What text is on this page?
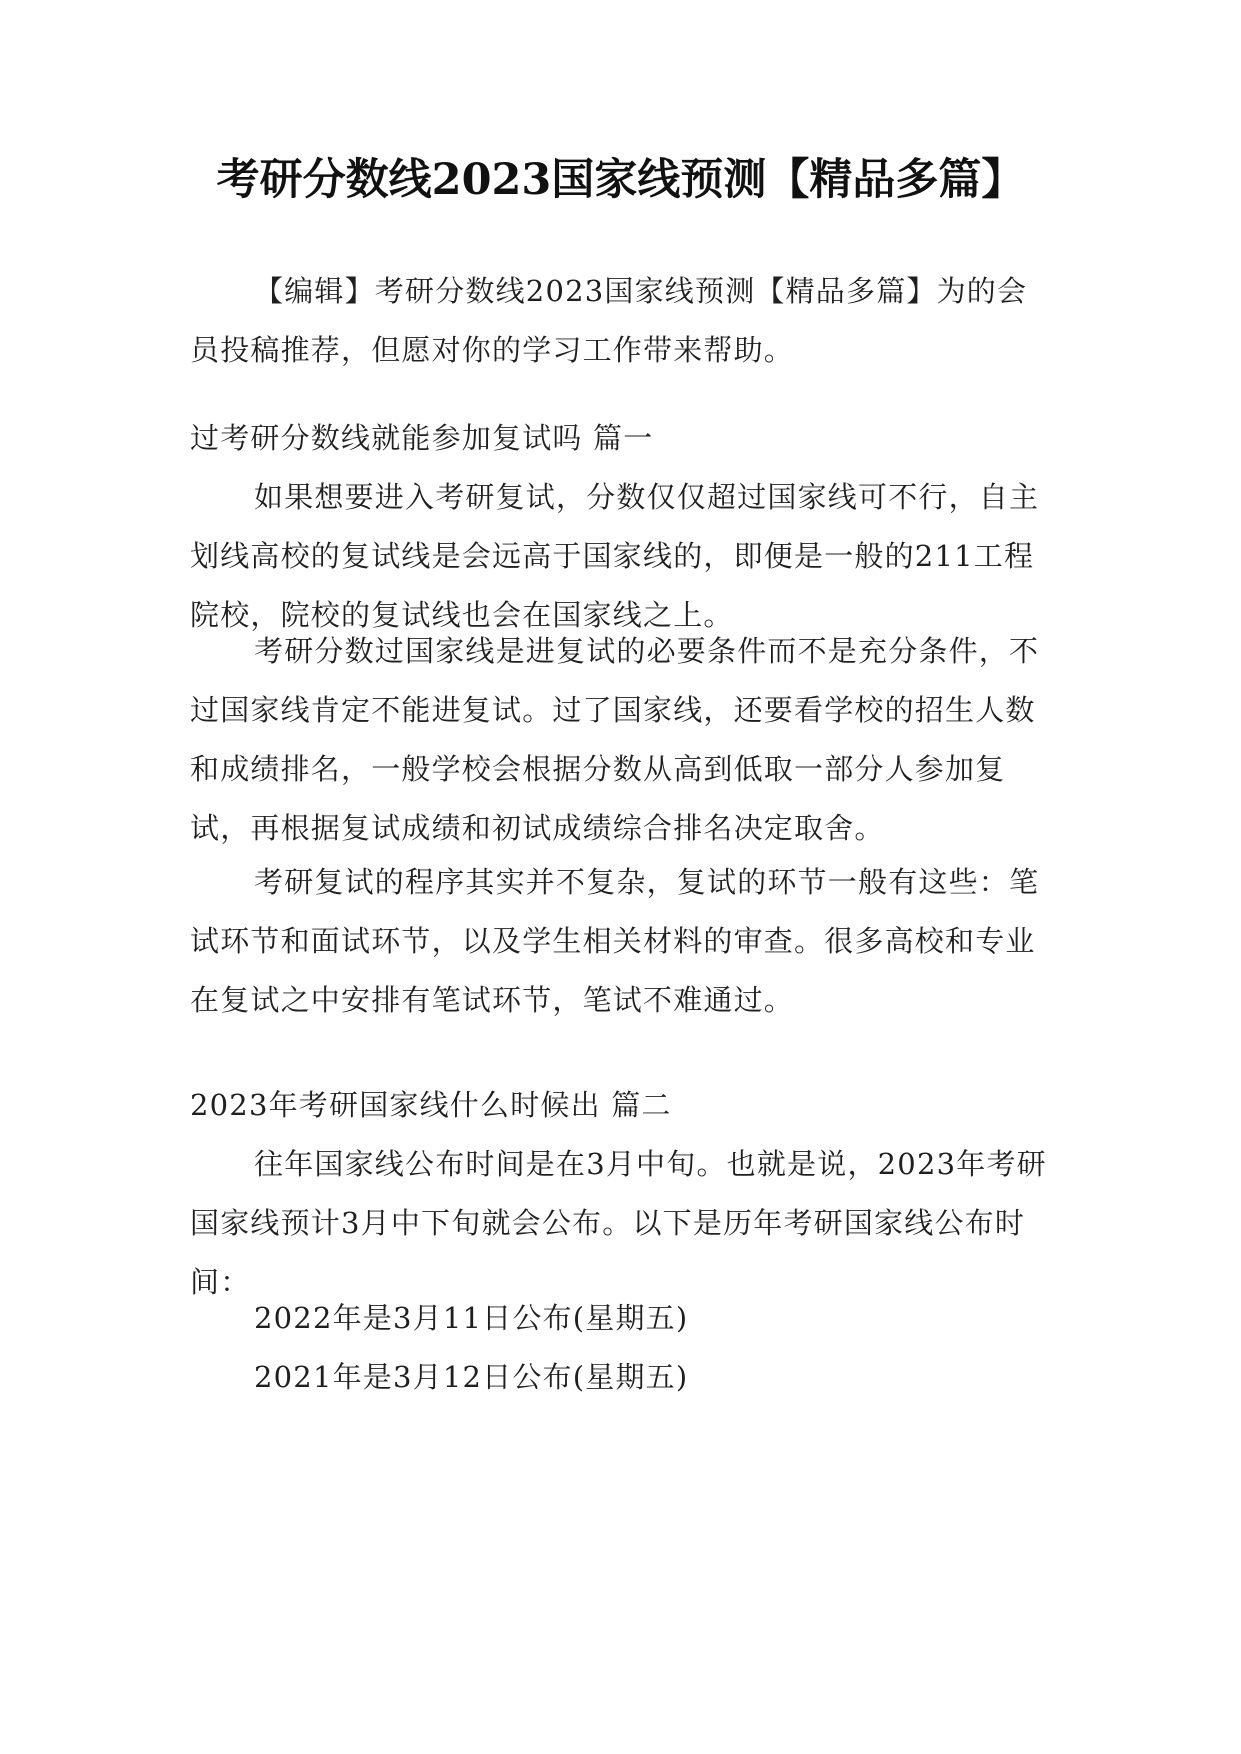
考研分数线2023国家线预测【精品多篇】
【编辑】考研分数线2023国家线预测【精品多篇】为的会员投稿推荐，但愿对你的学习工作带来帮助。
过考研分数线就能参加复试吗 篇一
如果想要进入考研复试，分数仅仅超过国家线可不行，自主划线高校的复试线是会远高于国家线的，即便是一般的211工程院校，院校的复试线也会在国家线之上。
考研分数过国家线是进复试的必要条件而不是充分条件，不过国家线肯定不能进复试。过了国家线，还要看学校的招生人数和成绩排名，一般学校会根据分数从高到低取一部分人参加复试，再根据复试成绩和初试成绩综合排名决定取舍。
考研复试的程序其实并不复杂，复试的环节一般有这些：笔试环节和面试环节，以及学生相关材料的审查。很多高校和专业在复试之中安排有笔试环节，笔试不难通过。
2023年考研国家线什么时候出 篇二
往年国家线公布时间是在3月中旬。也就是说，2023年考研国家线预计3月中下旬就会公布。以下是历年考研国家线公布时间：
2022年是3月11日公布(星期五)
2021年是3月12日公布(星期五)
